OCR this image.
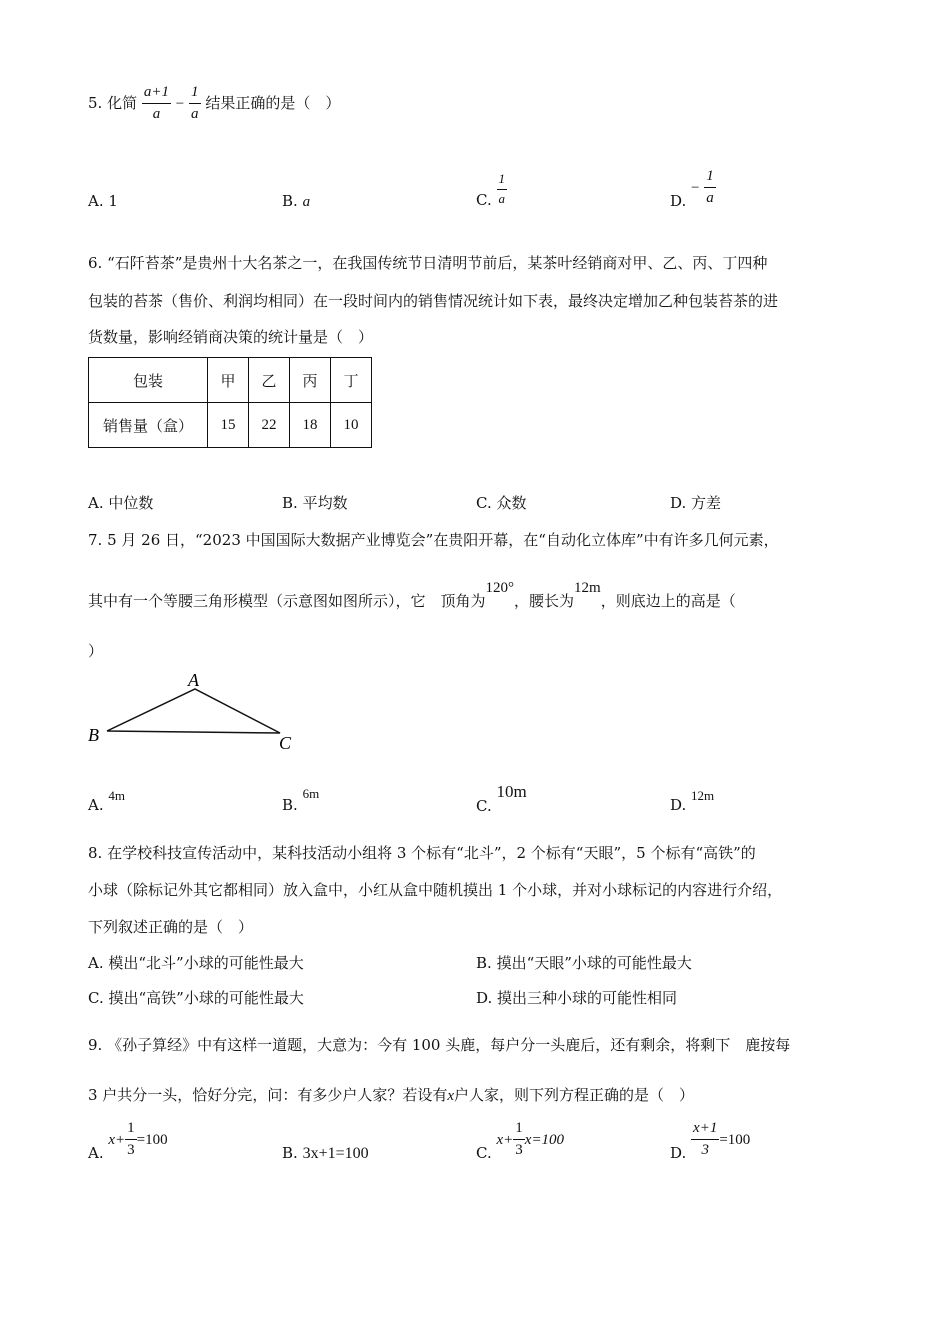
5. 化简 $\frac{a+1}{a} - \frac{1}{a}$ 结果正确的是（　）
A. 1	B. a	C. $\frac{1}{a}$	D. − $\frac{1}{a}$
6. “石阡苔茶”是贵州十大名茶之一，在我国传统节日清明节前后，某茶叶经销商对甲、乙、丙、丁四种
包装的苔茶（售价、利润均相同）在一段时间内的销售情况统计如下表，最终决定增加乙种包装苔茶的进
货数量，影响经销商决策的统计量是（　）
包装	甲	乙	丙	丁
销售量（盒）	15	22	18	10
A. 中位数	B. 平均数	C. 众数	D. 方差
7. 5 月 26 日，“2023 中国国际大数据产业博览会”在贵阳开幕，在“自动化立体库”中有许多几何元素，
其中有一个等腰三角形模型（示意图如图所示），它　顶角为120°，腰长为12m，则底边上的高是（
）
A
B	C
A. 4m
B. 6m
C. 10m
D. 12m
8. 在学校科技宣传活动中，某科技活动小组将 3 个标有“北斗”，2 个标有“天眼”，5 个标有“高铁”的
小球（除标记外其它都相同）放入盒中，小红从盒中随机摸出 1 个小球，并对小球标记的内容进行介绍，
下列叙述正确的是（　）
A. 模出“北斗”小球的可能性最大	B. 摸出“天眼”小球的可能性最大
C. 摸出“高铁”小球的可能性最大	D. 摸出三种小球的可能性相同
9. 《孙子算经》中有这样一道题，大意为：今有 100 头鹿，每户分一头鹿后，还有剩余，将剩下　鹿按每
3 户共分一头，恰好分完，问：有多少户人家？若设有x户人家，则下列方程正确的是（　）
A. $x+ \frac{1}{3} =100$
B. 3x+1=100	C. $x+ \frac{1}{3} x=100$
D. $\frac{x+1}{3} =100$
